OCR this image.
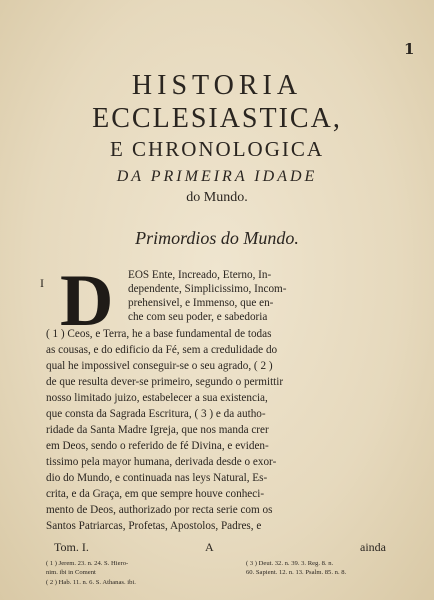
1
HISTORIA
ECCLESIASTICA,
E CHRONOLOGICA
DA PRIMEIRA IDADE
do Mundo.
Primordios do Mundo.
I D EOS Ente, Increado, Eterno, In-
dependente, Simplicissimo, Incom-
prehensivel, e Immenso, que en-
che com seu poder, e sabedoria
( 1 ) Ceos, e Terra, he a base fundamental de todas
as cousas, e do edificio da Fé, sem a credulidade do
qual he impossivel conseguir-se o seu agrado, ( 2 )
de que resulta dever-se primeiro, segundo o permittir
nosso limitado juizo, estabelecer a sua existencia,
que consta da Sagrada Escritura, ( 3 ) e da autho-
ridade da Santa Madre Igreja, que nos manda crer
em Deos, sendo o referido de fé Divina, e eviden-
tissimo pela mayor humana, derivada desde o exor-
dio do Mundo, e continuada nas leys Natural, Es-
crita, e da Graça, em que sempre houve conheci-
mento de Deos, authorizado por recta serie com os
Santos Patriarcas, Profetas, Apostolos, Padres, e
Tom. I.	A	ainda
( 1 ) Jerem. 23. n. 24. S. Hiero-
nim. ibi in Coment
( 2 ) Hab. 11. n. 6. S. Athanas. ibi.
( 3 ) Deut. 32. n. 39. 3. Reg. 8. n.
60. Sapient. 12. n. 13. Psalm. 85. n. 8.
